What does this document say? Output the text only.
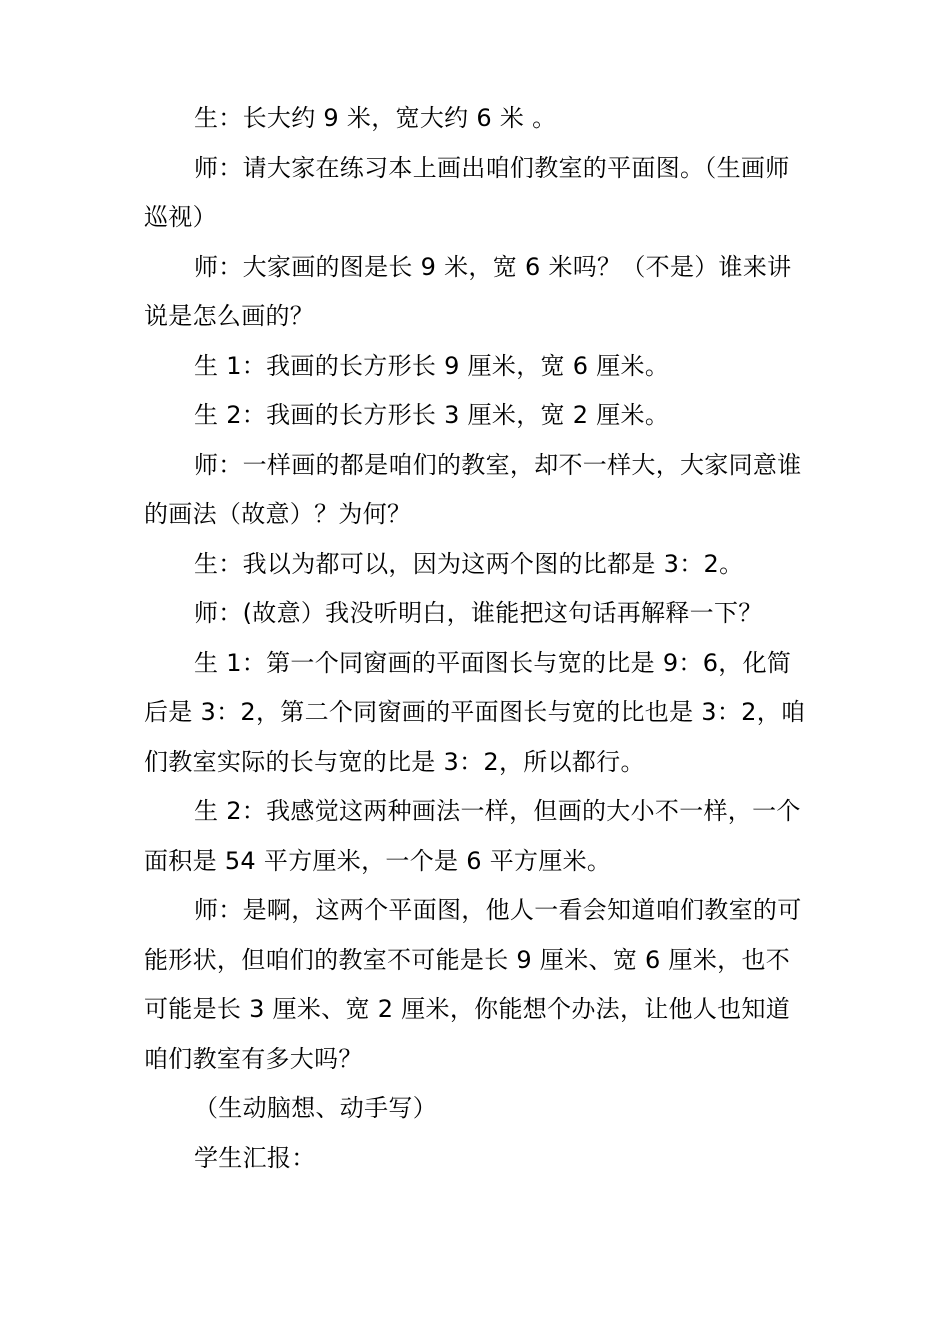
生：长大约 9 米，宽大约 6 米 。

师：请大家在练习本上画出咱们教室的平面图。（生画师巡视）

师：大家画的图是长 9 米，宽 6 米吗？（不是）谁来讲说是怎么画的？

生 1：我画的长方形长 9 厘米，宽 6 厘米。

生 2：我画的长方形长 3 厘米，宽 2 厘米。

师：一样画的都是咱们的教室，却不一样大，大家同意谁的画法（故意）？为何？

生：我以为都可以，因为这两个图的比都是 3：2。

师：(故意）我没听明白，谁能把这句话再解释一下？

生 1：第一个同窗画的平面图长与宽的比是 9：6，化简后是 3：2，第二个同窗画的平面图长与宽的比也是 3：2，咱们教室实际的长与宽的比是 3：2，所以都行。

生 2：我感觉这两种画法一样，但画的大小不一样，一个面积是 54 平方厘米，一个是 6 平方厘米。

师：是啊，这两个平面图，他人一看会知道咱们教室的可能形状，但咱们的教室不可能是长 9 厘米、宽 6 厘米，也不可能是长 3 厘米、宽 2 厘米，你能想个办法，让他人也知道咱们教室有多大吗？

（生动脑想、动手写）

学生汇报：
